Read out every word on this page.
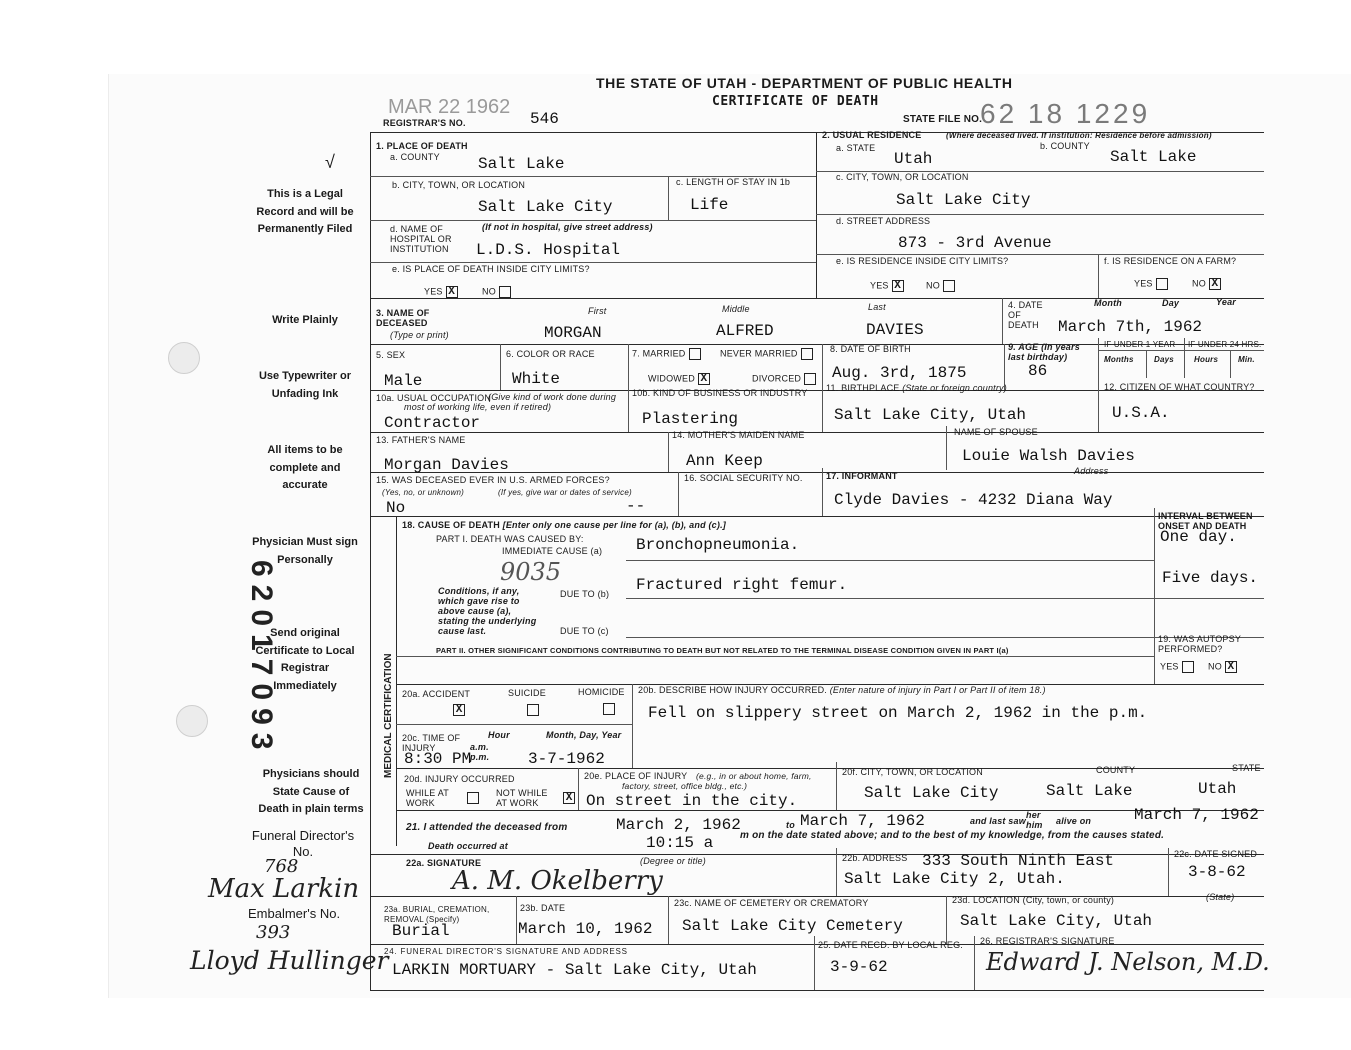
THE STATE OF UTAH - DEPARTMENT OF PUBLIC HEALTH
CERTIFICATE OF DEATH
MAR 22 1962
REGISTRAR'S NO.	546	STATE FILE NO.
62 18 1229
√
This is a Legal Record and will be Permanently Filed
Write Plainly
Use Typewriter or Unfading Ink
All items to be complete and accurate
Physician Must sign Personally
Send original Certificate to Local Registrar Immediately
Physicians should State Cause of Death in plain terms
Funeral Director's No.
768
Max Larkin
Embalmer's No.
393
Lloyd Hullinger
62017093
1. PLACE OF DEATH
a. COUNTY Salt Lake
b. CITY, TOWN, OR LOCATION
Salt Lake City
c. LENGTH OF STAY IN 1b
Life
d. NAME OF HOSPITAL OR INSTITUTION
(If not in hospital, give street address)
L.D.S. Hospital
e. IS PLACE OF DEATH INSIDE CITY LIMITS?
YES X	NO
2. USUAL RESIDENCE	(Where deceased lived. If institution: Residence before admission)
a. STATE
Utah
b. COUNTY
Salt Lake
c. CITY, TOWN, OR LOCATION
Salt Lake City
d. STREET ADDRESS
873 - 3rd Avenue
e. IS RESIDENCE INSIDE CITY LIMITS?
YES X	NO
f. IS RESIDENCE ON A FARM?
YES	NO X
3. NAME OF DECEASED
(Type or print)
First	Middle	Last
MORGAN	ALFRED	DAVIES
4. DATE OF DEATH
Month	Day	Year
March 7th, 1962
5. SEX
Male
6. COLOR OR RACE
White
7. MARRIED	NEVER MARRIED
WIDOWED X	DIVORCED
8. DATE OF BIRTH
Aug. 3rd, 1875
9. AGE (In years last birthday)
86
IF UNDER 1 YEAR IF UNDER 24 HRS.
Months	Days	Hours Min.
10a. USUAL OCCUPATION
(Give kind of work done during most of working life, even if retired)
Contractor
10b. KIND OF BUSINESS OR INDUSTRY
Plastering
11. BIRTHPLACE (State or foreign country)
Salt Lake City, Utah
12. CITIZEN OF WHAT COUNTRY?
U.S.A.
13. FATHER'S NAME
Morgan Davies
14. MOTHER'S MAIDEN NAME
Ann Keep
NAME OF SPOUSE
Louie Walsh Davies
15. WAS DECEASED EVER IN U.S. ARMED FORCES?
(Yes, no, or unknown)	(If yes, give war or dates of service)
No	--
16. SOCIAL SECURITY NO.	17. INFORMANT	Address
Clyde Davies - 4232 Diana Way
MEDICAL CERTIFICATION
18. CAUSE OF DEATH [Enter only one cause per line for (a), (b), and (c).]
PART I. DEATH WAS CAUSED BY:
IMMEDIATE CAUSE (a) Bronchopneumonia.
INTERVAL BETWEEN ONSET AND DEATH
One day.
9035
Conditions, if any, which gave rise to above cause (a), stating the underlying cause last.
DUE TO (b) Fractured right femur.	Five days.
DUE TO (c)
PART II. OTHER SIGNIFICANT CONDITIONS CONTRIBUTING TO DEATH BUT NOT RELATED TO THE TERMINAL DISEASE CONDITION GIVEN IN PART I(a)
19. WAS AUTOPSY PERFORMED?
YES	NO X
20a. ACCIDENT	SUICIDE	HOMICIDE
X
20b. DESCRIBE HOW INJURY OCCURRED. (Enter nature of injury in Part I or Part II of item 18.)
Fell on slippery street on March 2, 1962 in the p.m.
20c. TIME OF INJURY
Hour
a.m. p.m.
Month, Day, Year
8:30 PM	3-7-1962
20d. INJURY OCCURRED
WHILE AT WORK
NOT WHILE AT WORK	X
20e. PLACE OF INJURY	(e.g., in or about home, farm, factory, street, office bldg., etc.)
On street in the city.
20f. CITY, TOWN, OR LOCATION	COUNTY	STATE
Salt Lake City	Salt Lake	Utah
21. I attended the deceased from	March 2, 1962	to March 7, 1962	and last saw
her him	alive on	March 7, 1962
Death occurred at	10:15 a	m on the date stated above; and to the best of my knowledge, from the causes stated.
22a. SIGNATURE	(Degree or title)
A. M. Okelberry
22b. ADDRESS 333 South Ninth East
Salt Lake City 2, Utah.
22c. DATE SIGNED
3-8-62
23a. BURIAL, CREMATION, REMOVAL (Specify)
Burial
23b. DATE
March 10, 1962
23c. NAME OF CEMETERY OR CREMATORY
Salt Lake City Cemetery
23d. LOCATION (City, town, or county)	(State)
Salt Lake City, Utah
24. FUNERAL DIRECTOR'S SIGNATURE AND ADDRESS
LARKIN MORTUARY - Salt Lake City, Utah
25. DATE RECD. BY LOCAL REG.
3-9-62
26. REGISTRAR'S SIGNATURE
Edward J. Nelson, M.D.
